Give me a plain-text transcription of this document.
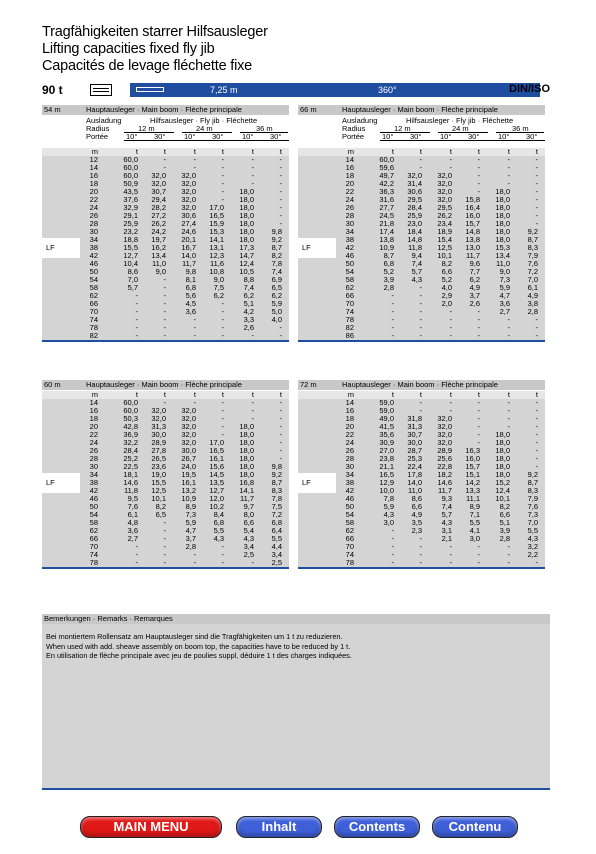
Tragfähigkeiten starrer Hilfsausleger
Lifting capacities fixed fly jib
Capacités de levage fléchette fixe
90 t	7,25 m	360°	DIN/ISO
54 m	Hauptausleger · Main boom · Flèche principale
Ausladung
Radius
Portée
Hilfsausleger · Fly jib · Fléchette
12 m	24 m	36 m
10° 30° 10° 30° 10° 30°
m	t	t	t	t	t	t
12	60,0	-	-	-	-	-
14	60,0	-	-	-	-	-
16	60,0	32,0	32,0	-	-	-
18	50,9	32,0	32,0	-	-	-
20	43,5	30,7	32,0	-	18,0	-
22	37,6	29,4	32,0	-	18,0	-
24	32,9	28,2	32,0	17,0	18,0	-
26	29,1	27,2	30,6	16,5	18,0	-
28	25,9	26,2	27,4	15,9	18,0	-
30	23,2	24,2	24,6	15,3	18,0	9,8
34	18,8	19,7	20,1	14,1	18,0	9,2
38	15,5	16,2	16,7	13,1	17,3	8,7
42	12,7	13,4	14,0	12,3	14,7	8,2
46	10,4	11,0	11,7	11,6	12,4	7,8
50	8,6	9,0	9,8	10,8	10,5	7,4
54	7,0	-	8,1	9,0	8,8	6,9
58	5,7	-	6,8	7,5	7,4	6,5
62	-	-	5,6	6,2	6,2	6,2
66	-	-	4,5	-	5,1	5,9
70	-	-	3,6	-	4,2	5,0
74	-	-	-	-	3,3	4,0
78	-	-	-	-	2,6	-
82	-	-	-	-	-	-
LF
66 m	Hauptausleger · Main boom · Flèche principale
Ausladung
Radius
Portée
Hilfsausleger · Fly jib · Fléchette
12 m	24 m	36 m
10° 30° 10° 30° 10° 30°
m	t	t	t	t	t	t
14	60,0	-	-	-	-	-
16	59,6	-	-	-	-	-
18	49,7	32,0	32,0	-	-	-
20	42,2	31,4	32,0	-	-	-
22	36,3	30,6	32,0	-	18,0	-
24	31,6	29,5	32,0	15,8	18,0	-
26	27,7	28,4	29,5	16,4	18,0	-
28	24,5	25,9	26,2	16,0	18,0	-
30	21,8	23,0	23,4	15,7	18,0	-
34	17,4	18,4	18,9	14,8	18,0	9,2
38	13,8	14,8	15,4	13,8	18,0	8,7
42	10,9	11,8	12,5	13,0	15,3	8,3
46	8,7	9,4	10,1	11,7	13,4	7,9
50	6,8	7,4	8,2	9,6	11,0	7,6
54	5,2	5,7	6,6	7,7	9,0	7,2
58	3,9	4,3	5,2	6,2	7,3	7,0
62	2,8	-	4,0	4,9	5,9	6,1
66	-	-	2,9	3,7	4,7	4,9
70	-	-	2,0	2,6	3,6	3,8
74	-	-	-	-	2,7	2,8
78	-	-	-	-	-	-
82	-	-	-	-	-	-
86	-	-	-	-	-	-
LF
60 m	Hauptausleger · Main boom · Flèche principale
m	t	t	t	t	t	t
14	60,0	-	-	-	-	-
16	60,0	32,0	32,0	-	-	-
18	50,3	32,0	32,0	-	-	-
20	42,8	31,3	32,0	-	18,0	-
22	36,9	30,0	32,0	-	18,0	-
24	32,2	28,9	32,0	17,0	18,0	-
26	28,4	27,8	30,0	16,5	18,0	-
28	25,2	26,5	26,7	16,1	18,0	-
30	22,5	23,6	24,0	15,6	18,0	9,8
34	18,1	19,0	19,5	14,5	18,0	9,2
38	14,6	15,5	16,1	13,5	16,8	8,7
42	11,8	12,5	13,2	12,7	14,1	8,3
46	9,5	10,1	10,9	12,0	11,7	7,8
50	7,6	8,2	8,9	10,2	9,7	7,5
54	6,1	6,5	7,3	8,4	8,0	7,2
58	4,8	-	5,9	6,8	6,6	6,8
62	3,6	-	4,7	5,5	5,4	6,4
66	2,7	-	3,7	4,3	4,3	5,5
70	-	-	2,8	-	3,4	4,4
74	-	-	-	-	2,5	3,4
78	-	-	-	-	-	2,5
LF
72 m	Hauptausleger · Main boom · Flèche principale
m	t	t	t	t	t	t
14	59,0	-	-	-	-	-
16	59,0	-	-	-	-	-
18	49,0	31,8	32,0	-	-	-
20	41,5	31,3	32,0	-	-	-
22	35,6	30,7	32,0	-	18,0	-
24	30,9	30,0	32,0	-	18,0	-
26	27,0	28,7	28,9	16,3	18,0	-
28	23,8	25,3	25,6	16,0	18,0	-
30	21,1	22,4	22,8	15,7	18,0	-
34	16,5	17,8	18,2	15,1	18,0	9,2
38	12,9	14,0	14,6	14,2	15,2	8,7
42	10,0	11,0	11,7	13,3	12,4	8,3
46	7,8	8,6	9,3	11,1	10,1	7,9
50	5,9	6,6	7,4	8,9	8,2	7,6
54	4,3	4,9	5,7	7,1	6,6	7,3
58	3,0	3,5	4,3	5,5	5,1	7,0
62	-	2,3	3,1	4,1	3,9	5,5
66	-	-	2,1	3,0	2,8	4,3
70	-	-	-	-	-	3,2
74	-	-	-	-	-	2,2
78	-	-	-	-	-	-
LF
Bemerkungen · Remarks · Remarques
Bei montiertem Rollensatz am Hauptausleger sind die Tragfähigkeiten um 1 t zu reduzieren.
When used with add. sheave assembly on boom top, the capacities have to be reduced by 1 t.
En utilisation de flèche principale avec jeu de poulies suppl, déduire 1 t des charges indiquées.
MAIN MENU	Inhalt	Contents	Contenu
